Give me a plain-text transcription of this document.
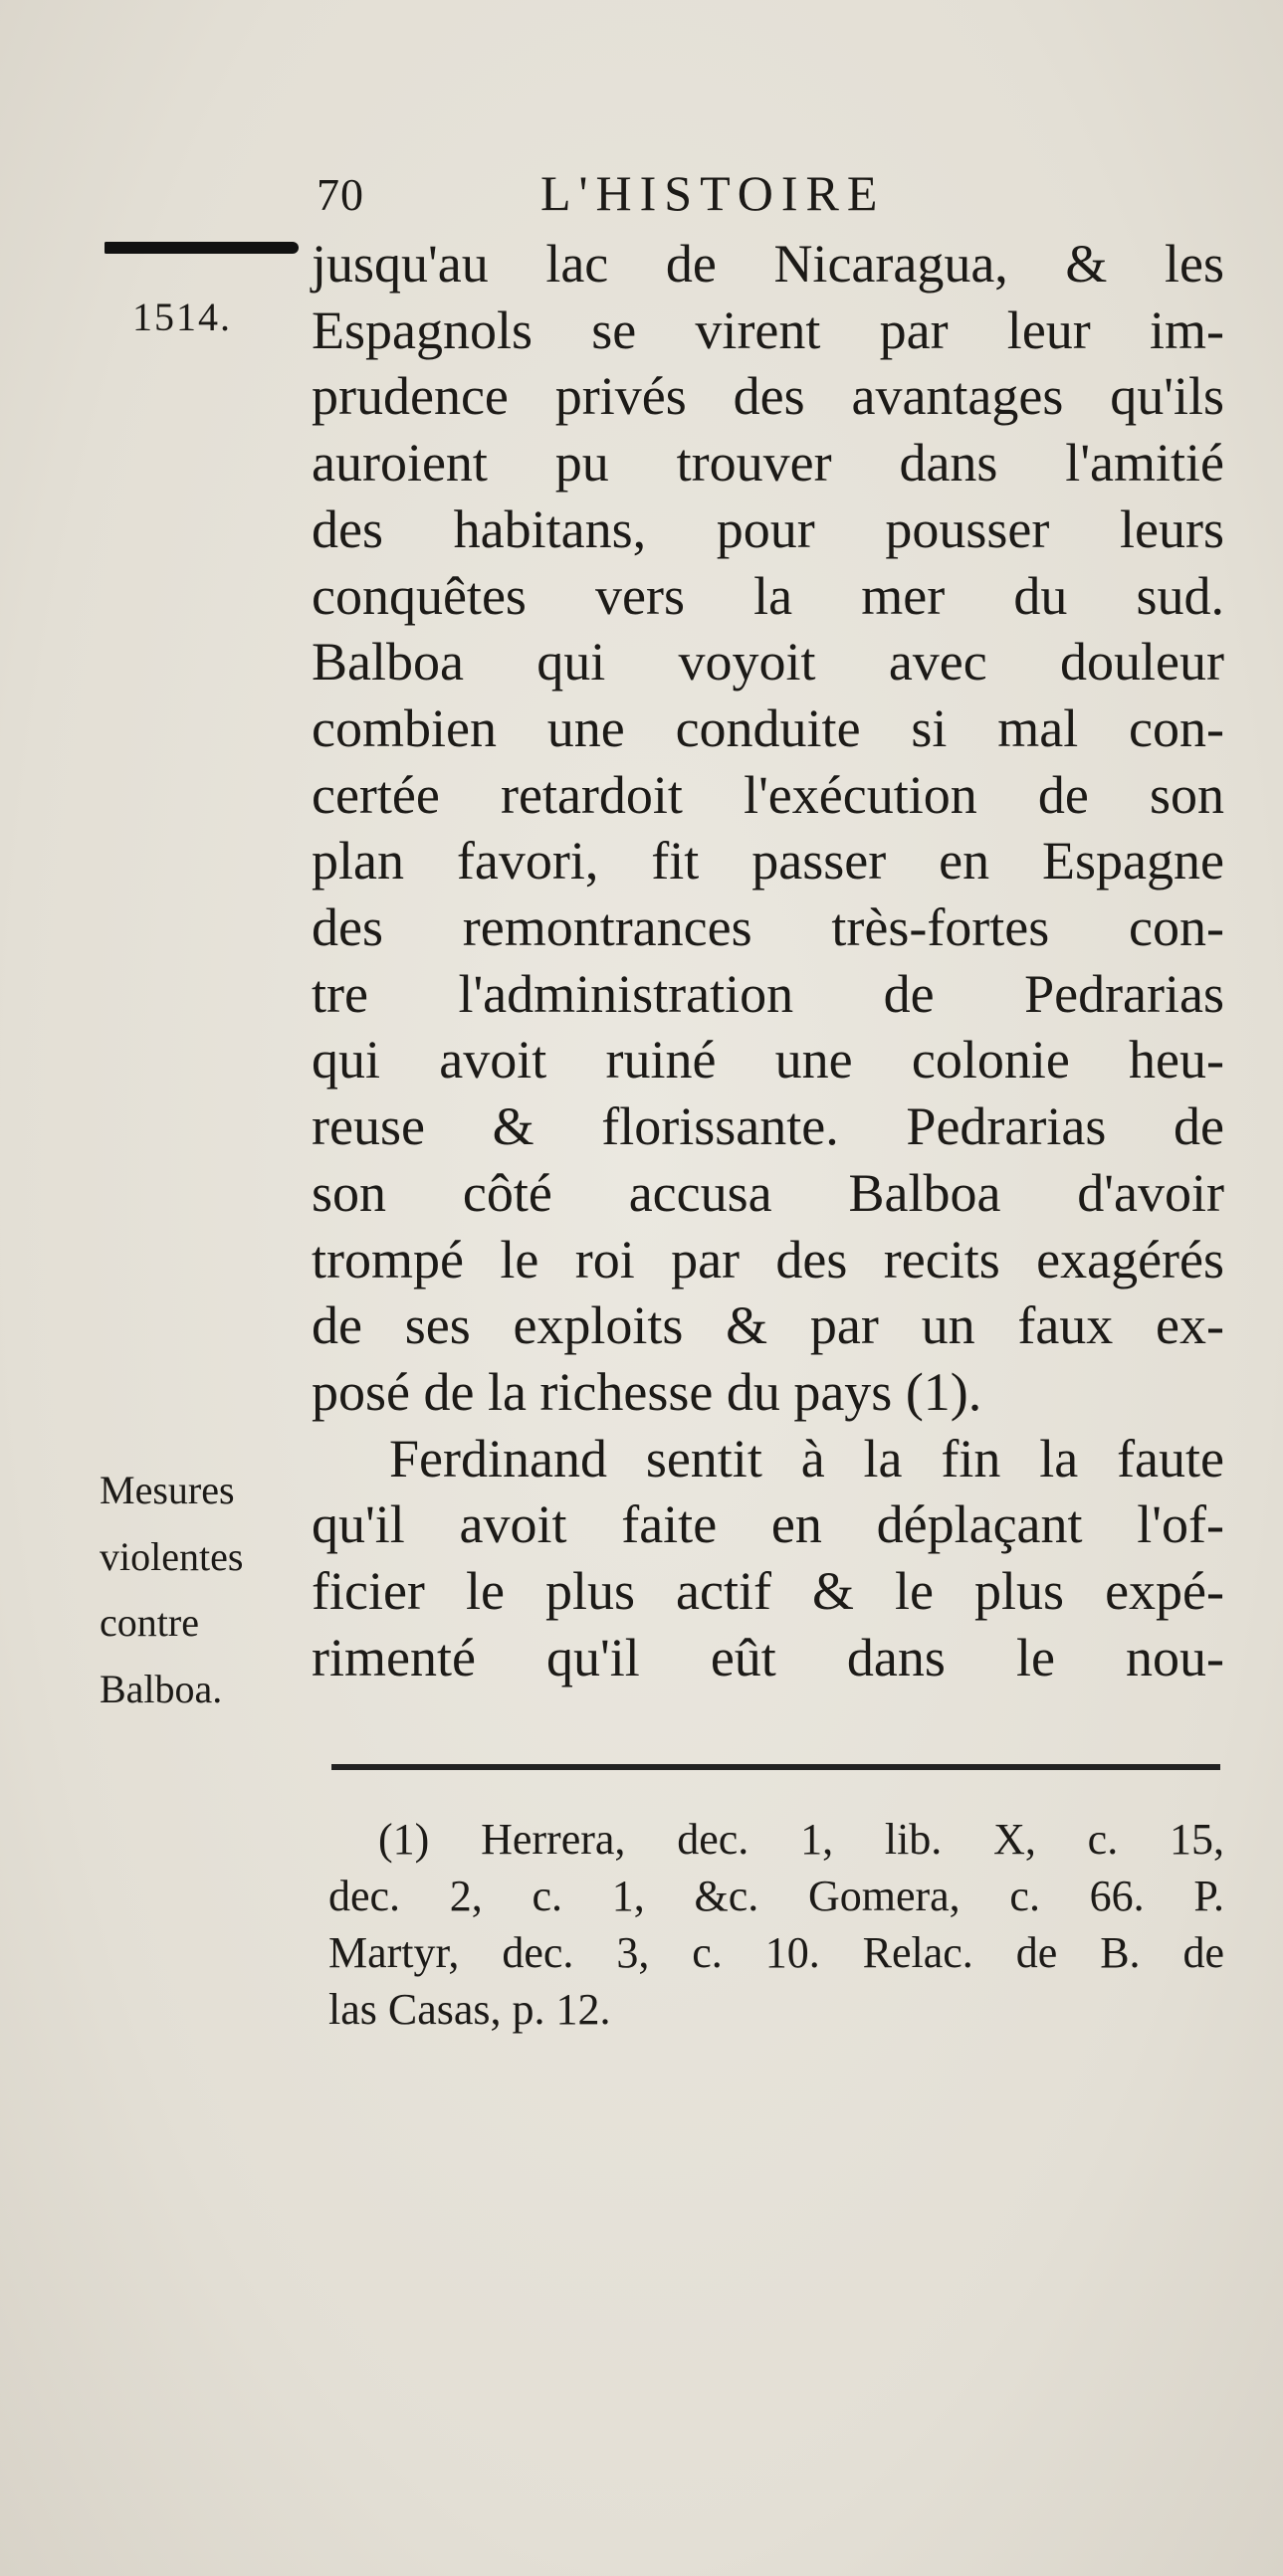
70	L'HISTOIRE
1514.
jusqu'au lac de Nicaragua, & les
Espagnols se virent par leur im-
prudence privés des avantages qu'ils
auroient pu trouver dans l'amitié
des habitans, pour pousser leurs
conquêtes vers la mer du sud.
Balboa qui voyoit avec douleur
combien une conduite si mal con-
certée retardoit l'exécution de son
plan favori, fit passer en Espagne
des remontrances très-fortes con-
tre l'administration de Pedrarias
qui avoit ruiné une colonie heu-
reuse & florissante. Pedrarias de
son côté accusa Balboa d'avoir
trompé le roi par des recits exagérés
de ses exploits & par un faux ex-
posé de la richesse du pays (1).
Ferdinand sentit à la fin la faute
qu'il avoit faite en déplaçant l'of-
ficier le plus actif & le plus expé-
rimenté qu'il eût dans le nou-
Mesures
violentes
contre
Balboa.
(1) Herrera, dec. 1, lib. X, c. 15,
dec. 2, c. 1, &c. Gomera, c. 66. P.
Martyr, dec. 3, c. 10. Relac. de B. de
las Casas, p. 12.
